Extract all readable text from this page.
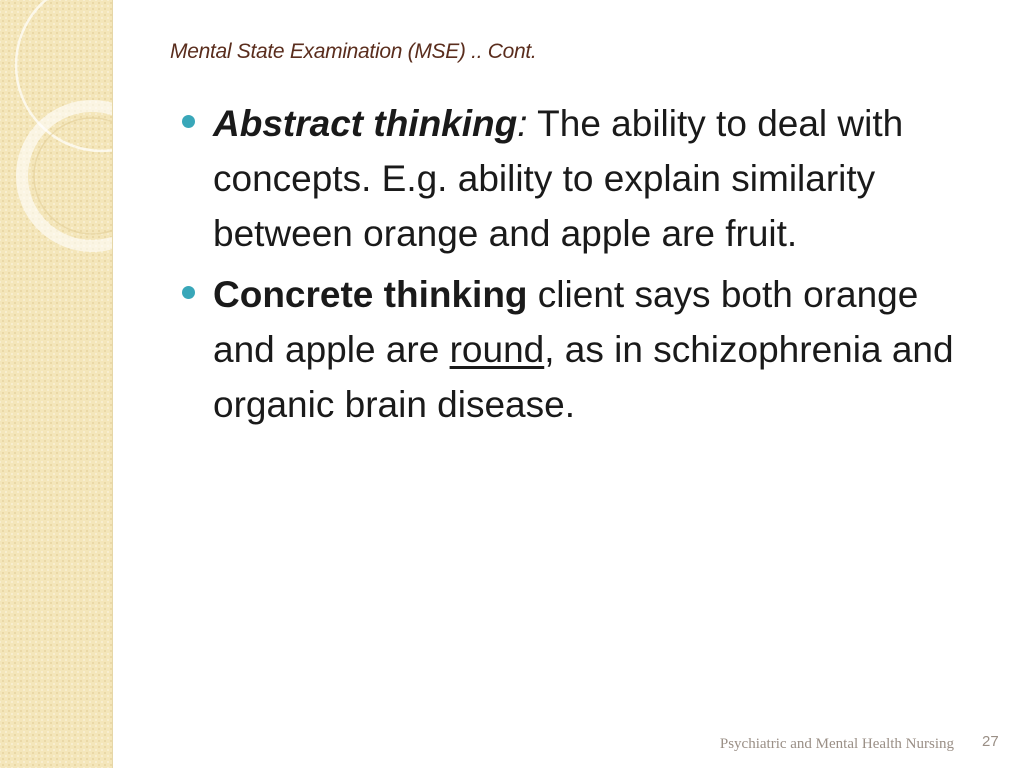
Mental State Examination (MSE) .. Cont.
Abstract thinking: The ability to deal with concepts. E.g. ability to explain similarity between orange and apple are fruit.
Concrete thinking client says both orange and apple are round, as in schizophrenia and organic brain disease.
Psychiatric and Mental Health Nursing 27
